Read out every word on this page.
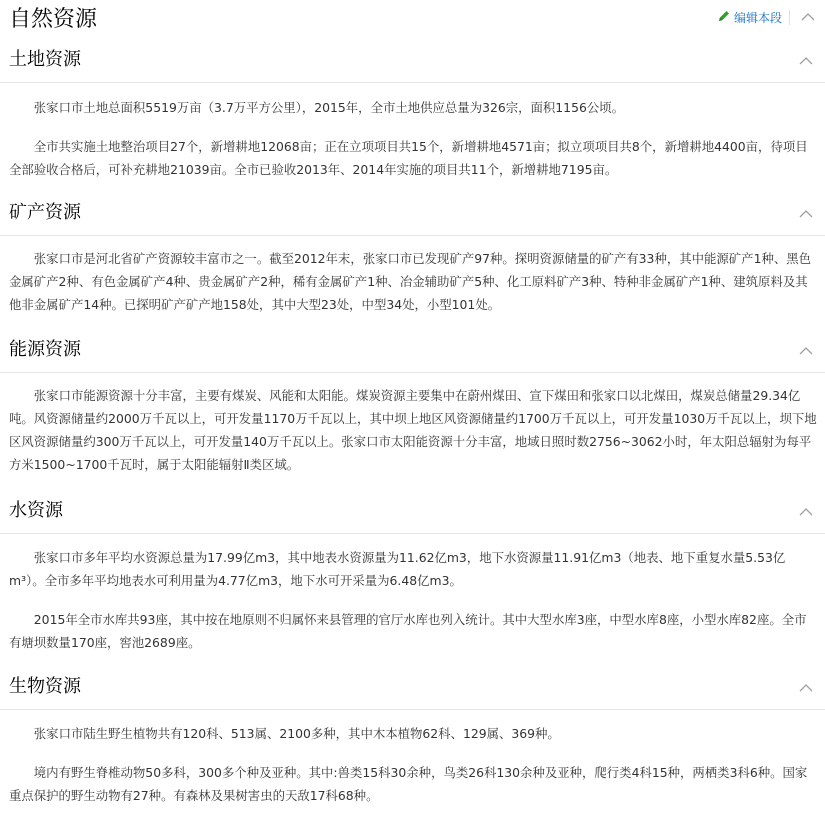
自然资源	编辑本段
土地资源

张家口市土地总面积5519万亩（3.7万平方公里），2015年，全市土地供应总量为326宗，面积1156公顷。

全市共实施土地整治项目27个，新增耕地12068亩；正在立项项目共15个，新增耕地4571亩；拟立项项目共8个，新增耕地4400亩，待项目全部验收合格后，可补充耕地21039亩。全市已验收2013年、2014年实施的项目共11个，新增耕地7195亩。

矿产资源

张家口市是河北省矿产资源较丰富市之一。截至2012年末，张家口市已发现矿产97种。探明资源储量的矿产有33种，其中能源矿产1种、黑色金属矿产2种、有色金属矿产4种、贵金属矿产2种，稀有金属矿产1种、冶金辅助矿产5种、化工原料矿产3种、特种非金属矿产1种、建筑原料及其他非金属矿产14种。已探明矿产矿产地158处，其中大型23处，中型34处，小型101处。

能源资源

张家口市能源资源十分丰富，主要有煤炭、风能和太阳能。煤炭资源主要集中在蔚州煤田、宣下煤田和张家口以北煤田，煤炭总储量29.34亿吨。风资源储量约2000万千瓦以上，可开发量1170万千瓦以上，其中坝上地区风资源储量约1700万千瓦以上，可开发量1030万千瓦以上，坝下地区风资源储量约300万千瓦以上，可开发量140万千瓦以上。张家口市太阳能资源十分丰富，地域日照时数2756~3062小时，年太阳总辐射为每平方米1500~1700千瓦时，属于太阳能辐射Ⅱ类区域。

水资源

张家口市多年平均水资源总量为17.99亿m3，其中地表水资源量为11.62亿m3，地下水资源量11.91亿m3（地表、地下重复水量5.53亿m³）。全市多年平均地表水可利用量为4.77亿m3，地下水可开采量为6.48亿m3。

2015年全市水库共93座，其中按在地原则不归属怀来县管理的官厅水库也列入统计。其中大型水库3座，中型水库8座，小型水库82座。全市有塘坝数量170座，窖池2689座。

生物资源

张家口市陆生野生植物共有120科、513属、2100多种，其中木本植物62科、129属、369种。

境内有野生脊椎动物50多科，300多个种及亚种。其中:兽类15科30余种，鸟类26科130余种及亚种，爬行类4科15种，两栖类3科6种。国家重点保护的野生动物有27种。有森林及果树害虫的天敌17科68种。
